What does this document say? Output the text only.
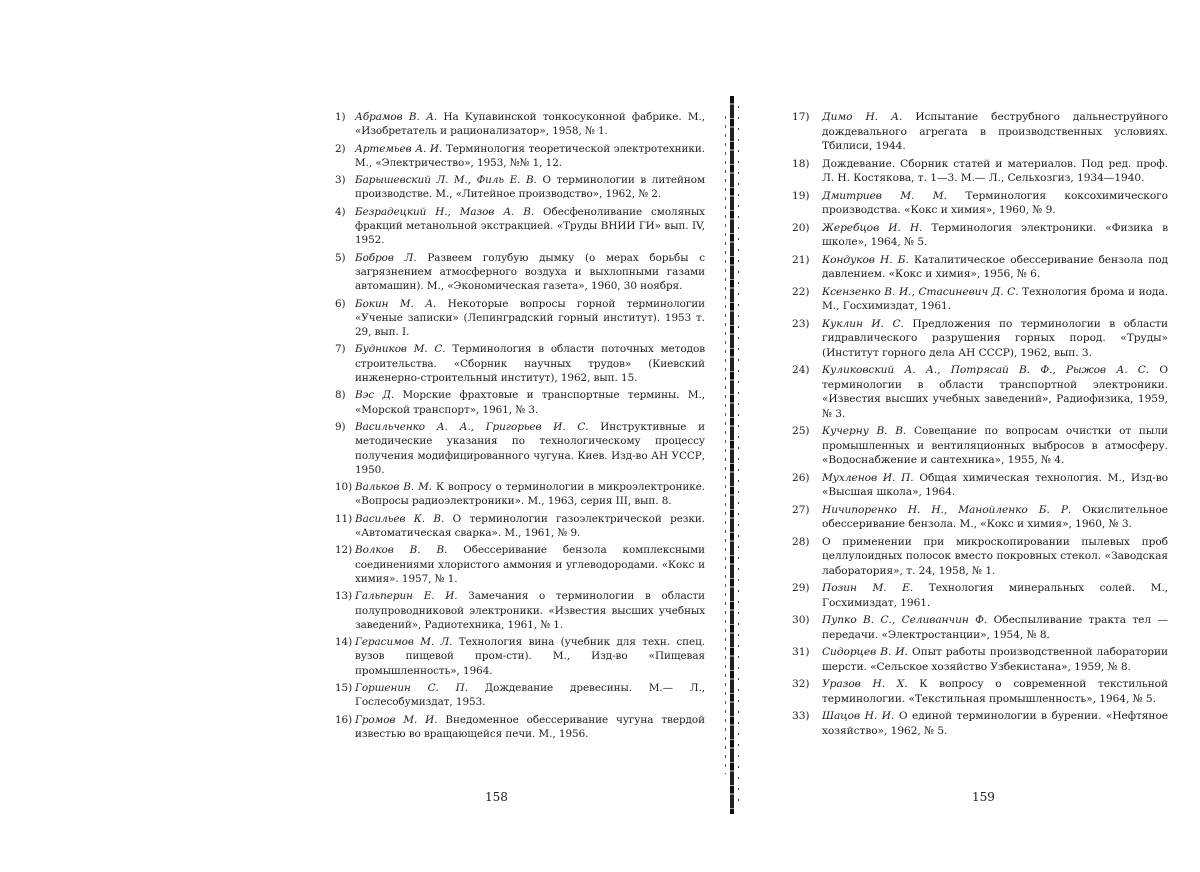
1) Абрамов В. А. Ha Kупавинской тонкосуконной фабрике. М., «Изобретатель и рационализатор», 1958, № 1.
2) Артемьев А. И. Терминология теоретической электротехники. М., «Электричество», 1953, №№ 1, 12.
3) Барышевский Л. М., Филь Е. В. О терминологии в литейном производстве. М., «Литейное производство», 1962, № 2.
4) Безрадецкий Н., Мазов А. В. Обесфеноливание смоляных фракций метанольной экстракцией. «Труды ВНИИ ГИ» вып. IV, 1952.
5) Бобров Л. Развеем голубую дымку (о мерах борьбы с загрязнением атмосферного воздуха и выхлопными газами автомашин). М., «Экономическая газета», 1960, 30 ноября.
6) Бокин М. А. Некоторые вопросы горной терминологии «Ученые записки» (Лепинградский горный институт). 1953 т. 29, вып. I.
7) Будников М. С. Терминология в области поточных методов строительства. «Сборник научных трудов» (Киевский инженерно-строительный институт), 1962, вып. 15.
8) Вэс Д. Морские фрахтовые и транспортные термины. М., «Морской транспорт», 1961, № 3.
9) Васильченко А. А., Григорьев И. С. Инструктивные и методические указания по технологическому процессу получения модифицированного чугуна. Киев. Изд-во АН УССР, 1950.
10) Вальков В. М. К вопросу о терминологии в микроэлектронике. «Вопросы радиоэлектроники». М., 1963, серия III, вып. 8.
11) Васильев К. В. О терминологии газоэлектрической резки. «Автоматическая сварка». М., 1961, № 9.
12) Волков В. В. Обессеривание бензола комплексными соединениями хлористого аммония и углеводородами. «Кокс и химия». 1957, № 1.
13) Гальперин Е. И. Замечания о терминологии в области полупроводниковой электроники. «Известия высших учебных заведений», Радиотехника, 1961, № 1.
14) Герасимов М. Л. Технология вина (учебник для техн. спец. вузов пищевой пром-сти). М., Изд-во «Пищевая промышленность», 1964.
15) Горшенин С. П. Дождевание древесины. М.— Л., Гослесобумиздат, 1953.
16) Громов М. И. Внедоменное обессеривание чугуна твердой известью во вращающейся печи. М., 1956.
158
17) Димо Н. А. Испытание беструбного дальнеструйного дождевального агрегата в производственных условиях. Тбилиси, 1944.
18) Дождевание. Сборник статей и материалов. Под ред. проф. Л. Н. Костякова, т. 1—3. М.— Л., Сельхозгиз, 1934—1940.
19) Дмитриев М. М. Терминология коксохимического производства. «Кокс и химия», 1960, № 9.
20) Жеребцов И. Н. Терминология электроники. «Физика в школе», 1964, № 5.
21) Кондуков Н. Б. Каталитическое обессеривание бензола под давлением. «Кокс и химия», 1956, № 6.
22) Ксензенко В. И., Стасиневич Д. С. Технология брома и иода. М., Госхимиздат, 1961.
23) Куклин И. С. Предложения по терминологии в области гидравлического разрушения горных пород. «Труды» (Институт горного дела АН СССР), 1962, вып. 3.
24) Куликовский А. А., Потрясай В. Ф., Рыжов А. С. О терминологии в области транспортной электроники. «Известия высших учебных заведений», Радиофизика, 1959, № 3.
25) Кучерну В. В. Совещание по вопросам очистки от пыли промышленных и вентиляционных выбросов в атмосферу. «Водоснабжение и сантехника», 1955, № 4.
26) Мухленов И. П. Общая химическая технология. М., Изд-во «Высшая школа», 1964.
27) Ничипоренко Н. Н., Манойленко Б. Р. Окислительное обессеривание бензола. М., «Кокс и химия», 1960, № 3.
28) О применении при микроскопировании пылевых проб целлулоидных полосок вместо покровных стекол. «Заводская лаборатория», т. 24, 1958, № 1.
29) Позин М. Е. Технология минеральных солей. М., Госхимиздат, 1961.
30) Пупко В. С., Селиванчин Ф. Обеспыливание тракта тел — передачи. «Электростанции», 1954, № 8.
31) Сидорцев В. И. Опыт работы производственной лаборатории шерсти. «Сельское хозяйство Узбекистана», 1959, № 8.
32) Уразов Н. Х. К вопросу о современной текстильной терминологии. «Текстильная промышленность», 1964, № 5.
33) Шацов Н. И. О единой терминологии в бурении. «Нефтяное хозяйство», 1962, № 5.
159
